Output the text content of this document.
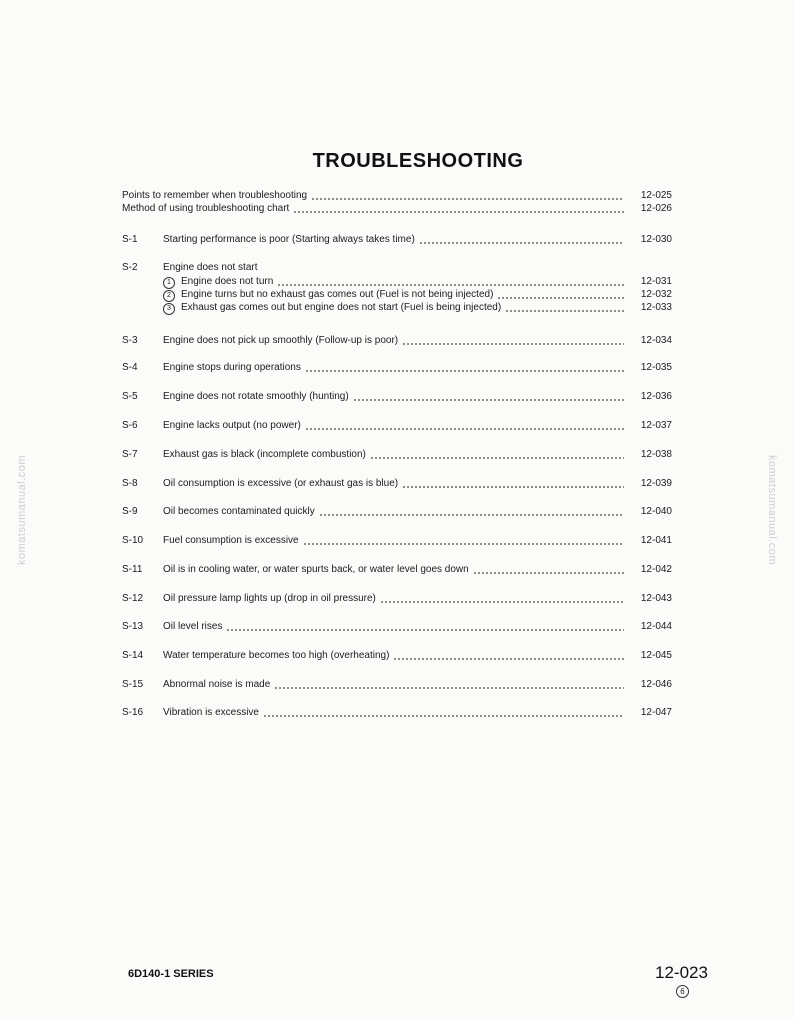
TROUBLESHOOTING
Points to remember when troubleshooting	12-025
Method of using troubleshooting chart	12-026
S-1	Starting performance is poor (Starting always takes time)	12-030
S-2	Engine does not start
1 Engine does not turn	12-031
2 Engine turns but no exhaust gas comes out (Fuel is not being injected)	12-032
3 Exhaust gas comes out but engine does not start (Fuel is being injected)	12-033
S-3	Engine does not pick up smoothly (Follow-up is poor)	12-034
S-4	Engine stops during operations	12-035
S-5	Engine does not rotate smoothly (hunting)	12-036
S-6	Engine lacks output (no power)	12-037
S-7	Exhaust gas is black (incomplete combustion)	12-038
S-8	Oil consumption is excessive (or exhaust gas is blue)	12-039
S-9	Oil becomes contaminated quickly	12-040
S-10 Fuel consumption is excessive	12-041
S-11 Oil is in cooling water, or water spurts back, or water level goes down	12-042
S-12 Oil pressure lamp lights up (drop in oil pressure)	12-043
S-13 Oil level rises	12-044
S-14 Water temperature becomes too high (overheating)	12-045
S-15 Abnormal noise is made	12-046
S-16 Vibration is excessive	12-047
komatsumanual.com	komatsumanual.com
6D140-1 SERIES	12-023
6
